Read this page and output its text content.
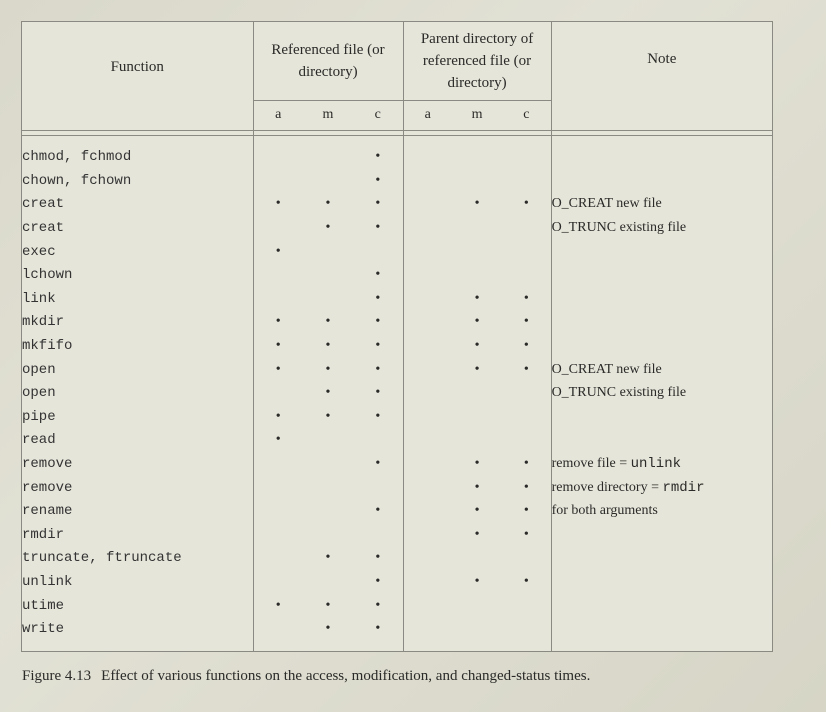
Function	Referenced file (or directory)			Parent directory of referenced file (or directory)			Note
	a	m	c	a	m	c	

chmod, fchmod			•				
chown, fchown			•				
creat	•	•	•		•	•	O_CREAT new file
creat		•	•				O_TRUNC existing file
exec	•						
lchown			•				
link			•		•	•	
mkdir	•	•	•		•	•	
mkfifo	•	•	•		•	•	
open	•	•	•		•	•	O_CREAT new file
open		•	•				O_TRUNC existing file
pipe	•	•	•				
read	•						
remove			•		•	•	remove file = unlink
remove					•	•	remove directory = rmdir
rename			•		•	•	for both arguments
rmdir					•	•	
truncate, ftruncate		•	•				
unlink			•		•	•	
utime	•	•	•				
write		•	•				

Figure 4.13 Effect of various functions on the access, modification, and changed-status times.
